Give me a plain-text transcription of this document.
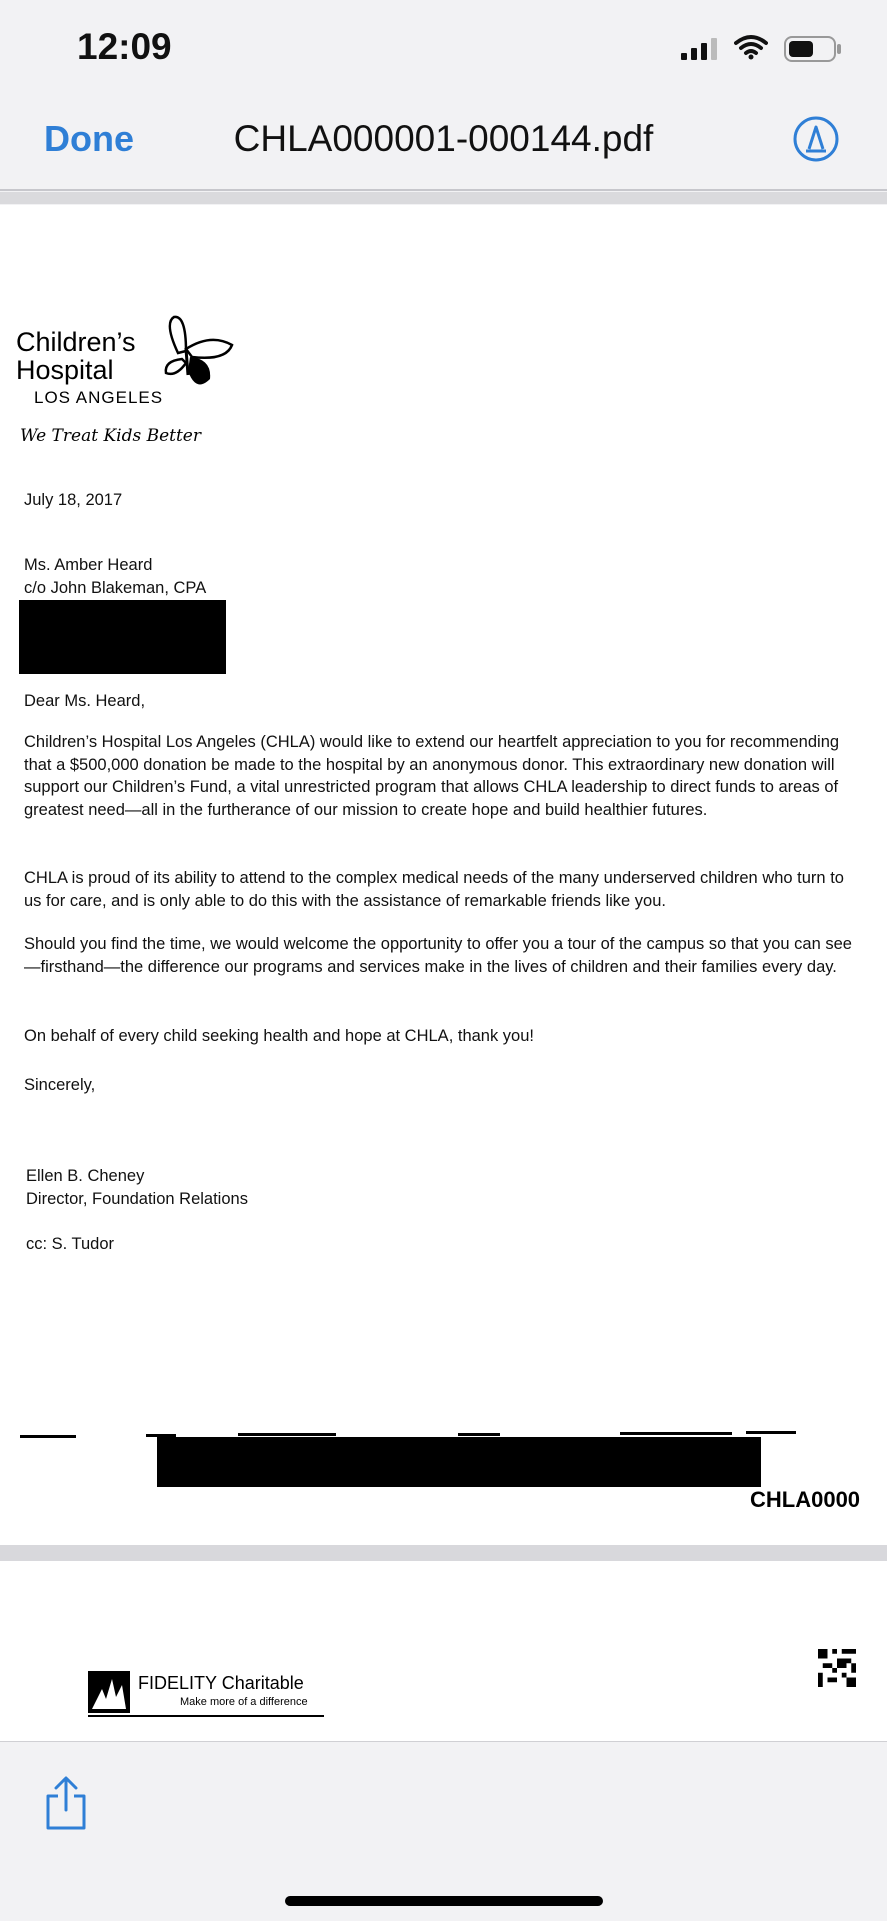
12:09
CHLA000001-000144.pdf
Done
Children’s
Hospital
LOS ANGELES
We Treat Kids Better
July 18, 2017
Ms. Amber Heard
c/o John Blakeman, CPA
Dear Ms. Heard,

Children’s Hospital Los Angeles (CHLA) would like to extend our heartfelt appreciation to you for recommending that a $500,000 donation be made to the hospital by an anonymous donor. This extraordinary new donation will support our Children’s Fund, a vital unrestricted program that allows CHLA leadership to direct funds to areas of greatest need—all in the furtherance of our mission to create hope and build healthier futures.

CHLA is proud of its ability to attend to the complex medical needs of the many underserved children who turn to us for care, and is only able to do this with the assistance of remarkable friends like you.

Should you find the time, we would welcome the opportunity to offer you a tour of the campus so that you can see—firsthand—the difference our programs and services make in the lives of children and their families every day.

On behalf of every child seeking health and hope at CHLA, thank you!

Sincerely,
Ellen B. Cheney
Director, Foundation Relations
cc: S. Tudor
CHLA0000
FIDELITY Charitable
Make more of a difference
